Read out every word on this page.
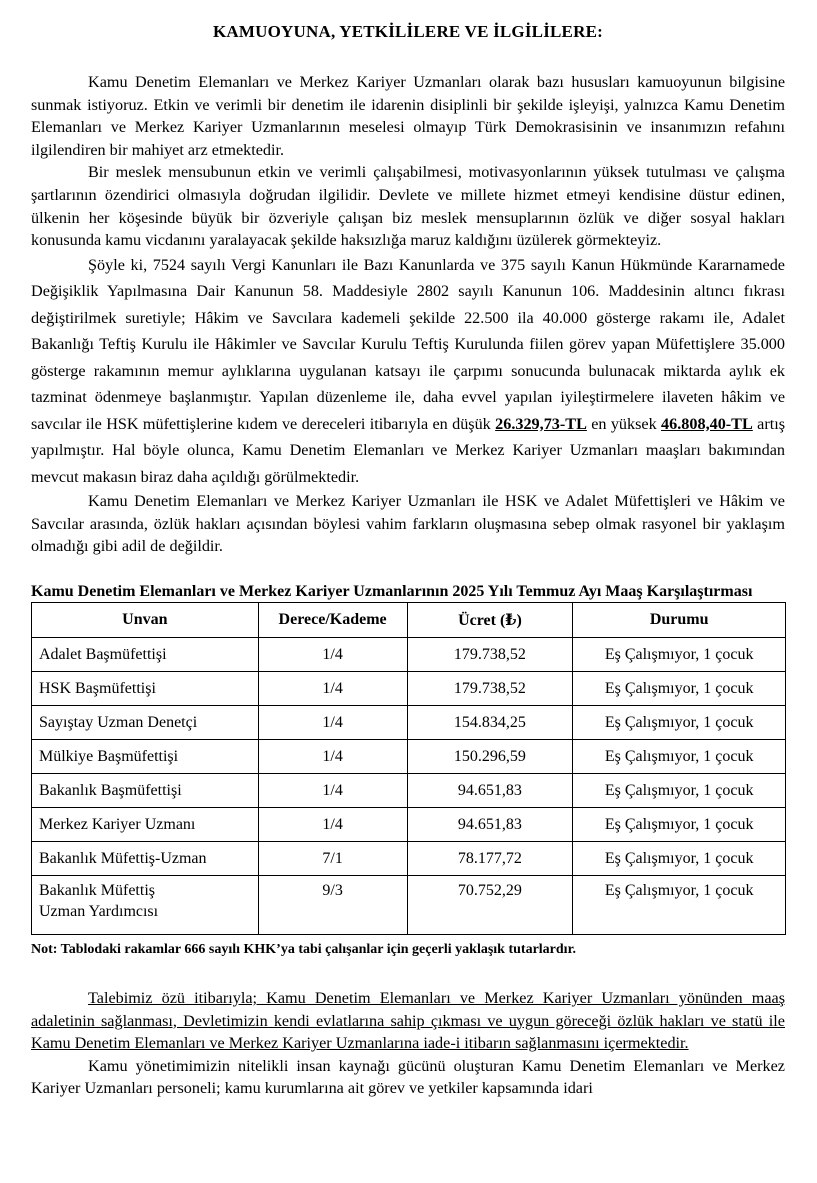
KAMUOYUNA, YETKİLİLERE VE İLGİLİLERE:

Kamu Denetim Elemanları ve Merkez Kariyer Uzmanları olarak bazı hususları kamuoyunun bilgisine sunmak istiyoruz. Etkin ve verimli bir denetim ile idarenin disiplinli bir şekilde işleyişi, yalnızca Kamu Denetim Elemanları ve Merkez Kariyer Uzmanlarının meselesi olmayıp Türk Demokrasisinin ve insanımızın refahını ilgilendiren bir mahiyet arz etmektedir.

Bir meslek mensubunun etkin ve verimli çalışabilmesi, motivasyonlarının yüksek tutulması ve çalışma şartlarının özendirici olmasıyla doğrudan ilgilidir. Devlete ve millete hizmet etmeyi kendisine düstur edinen, ülkenin her köşesinde büyük bir özveriyle çalışan biz meslek mensuplarının özlük ve diğer sosyal hakları konusunda kamu vicdanını yaralayacak şekilde haksızlığa maruz kaldığını üzülerek görmekteyiz.

Şöyle ki, 7524 sayılı Vergi Kanunları ile Bazı Kanunlarda ve 375 sayılı Kanun Hükmünde Kararnamede Değişiklik Yapılmasına Dair Kanunun 58. Maddesiyle 2802 sayılı Kanunun 106. Maddesinin altıncı fıkrası değiştirilmek suretiyle; Hâkim ve Savcılara kademeli şekilde 22.500 ila 40.000 gösterge rakamı ile, Adalet Bakanlığı Teftiş Kurulu ile Hâkimler ve Savcılar Kurulu Teftiş Kurulunda fiilen görev yapan Müfettişlere 35.000 gösterge rakamının memur aylıklarına uygulanan katsayı ile çarpımı sonucunda bulunacak miktarda aylık ek tazminat ödenmeye başlanmıştır. Yapılan düzenleme ile, daha evvel yapılan iyileştirmelere ilaveten hâkim ve savcılar ile HSK müfettişlerine kıdem ve dereceleri itibarıyla en düşük 26.329,73-TL en yüksek 46.808,40-TL artış yapılmıştır. Hal böyle olunca, Kamu Denetim Elemanları ve Merkez Kariyer Uzmanları maaşları bakımından mevcut makasın biraz daha açıldığı görülmektedir.

Kamu Denetim Elemanları ve Merkez Kariyer Uzmanları ile HSK ve Adalet Müfettişleri ve Hâkim ve Savcılar arasında, özlük hakları açısından böylesi vahim farkların oluşmasına sebep olmak rasyonel bir yaklaşım olmadığı gibi adil de değildir.

Kamu Denetim Elemanları ve Merkez Kariyer Uzmanlarının 2025 Yılı Temmuz Ayı Maaş Karşılaştırması
Unvan	Derece/Kademe	Ücret (₺)	Durumu
Adalet Başmüfettişi	1/4	179.738,52	Eş Çalışmıyor, 1 çocuk
HSK Başmüfettişi	1/4	179.738,52	Eş Çalışmıyor, 1 çocuk
Sayıştay Uzman Denetçi	1/4	154.834,25	Eş Çalışmıyor, 1 çocuk
Mülkiye Başmüfettişi	1/4	150.296,59	Eş Çalışmıyor, 1 çocuk
Bakanlık Başmüfettişi	1/4	94.651,83	Eş Çalışmıyor, 1 çocuk
Merkez Kariyer Uzmanı	1/4	94.651,83	Eş Çalışmıyor, 1 çocuk
Bakanlık Müfettiş-Uzman	7/1	78.177,72	Eş Çalışmıyor, 1 çocuk
Bakanlık Müfettiş
Uzman Yardımcısı	9/3	70.752,29	Eş Çalışmıyor, 1 çocuk
Not: Tablodaki rakamlar 666 sayılı KHK’ya tabi çalışanlar için geçerli yaklaşık tutarlardır.

Talebimiz özü itibarıyla; Kamu Denetim Elemanları ve Merkez Kariyer Uzmanları yönünden maaş adaletinin sağlanması, Devletimizin kendi evlatlarına sahip çıkması ve uygun göreceği özlük hakları ve statü ile Kamu Denetim Elemanları ve Merkez Kariyer Uzmanlarına iade-i itibarın sağlanmasını içermektedir.

Kamu yönetimimizin nitelikli insan kaynağı gücünü oluşturan Kamu Denetim Elemanları ve Merkez Kariyer Uzmanları personeli; kamu kurumlarına ait görev ve yetkiler kapsamında idari
